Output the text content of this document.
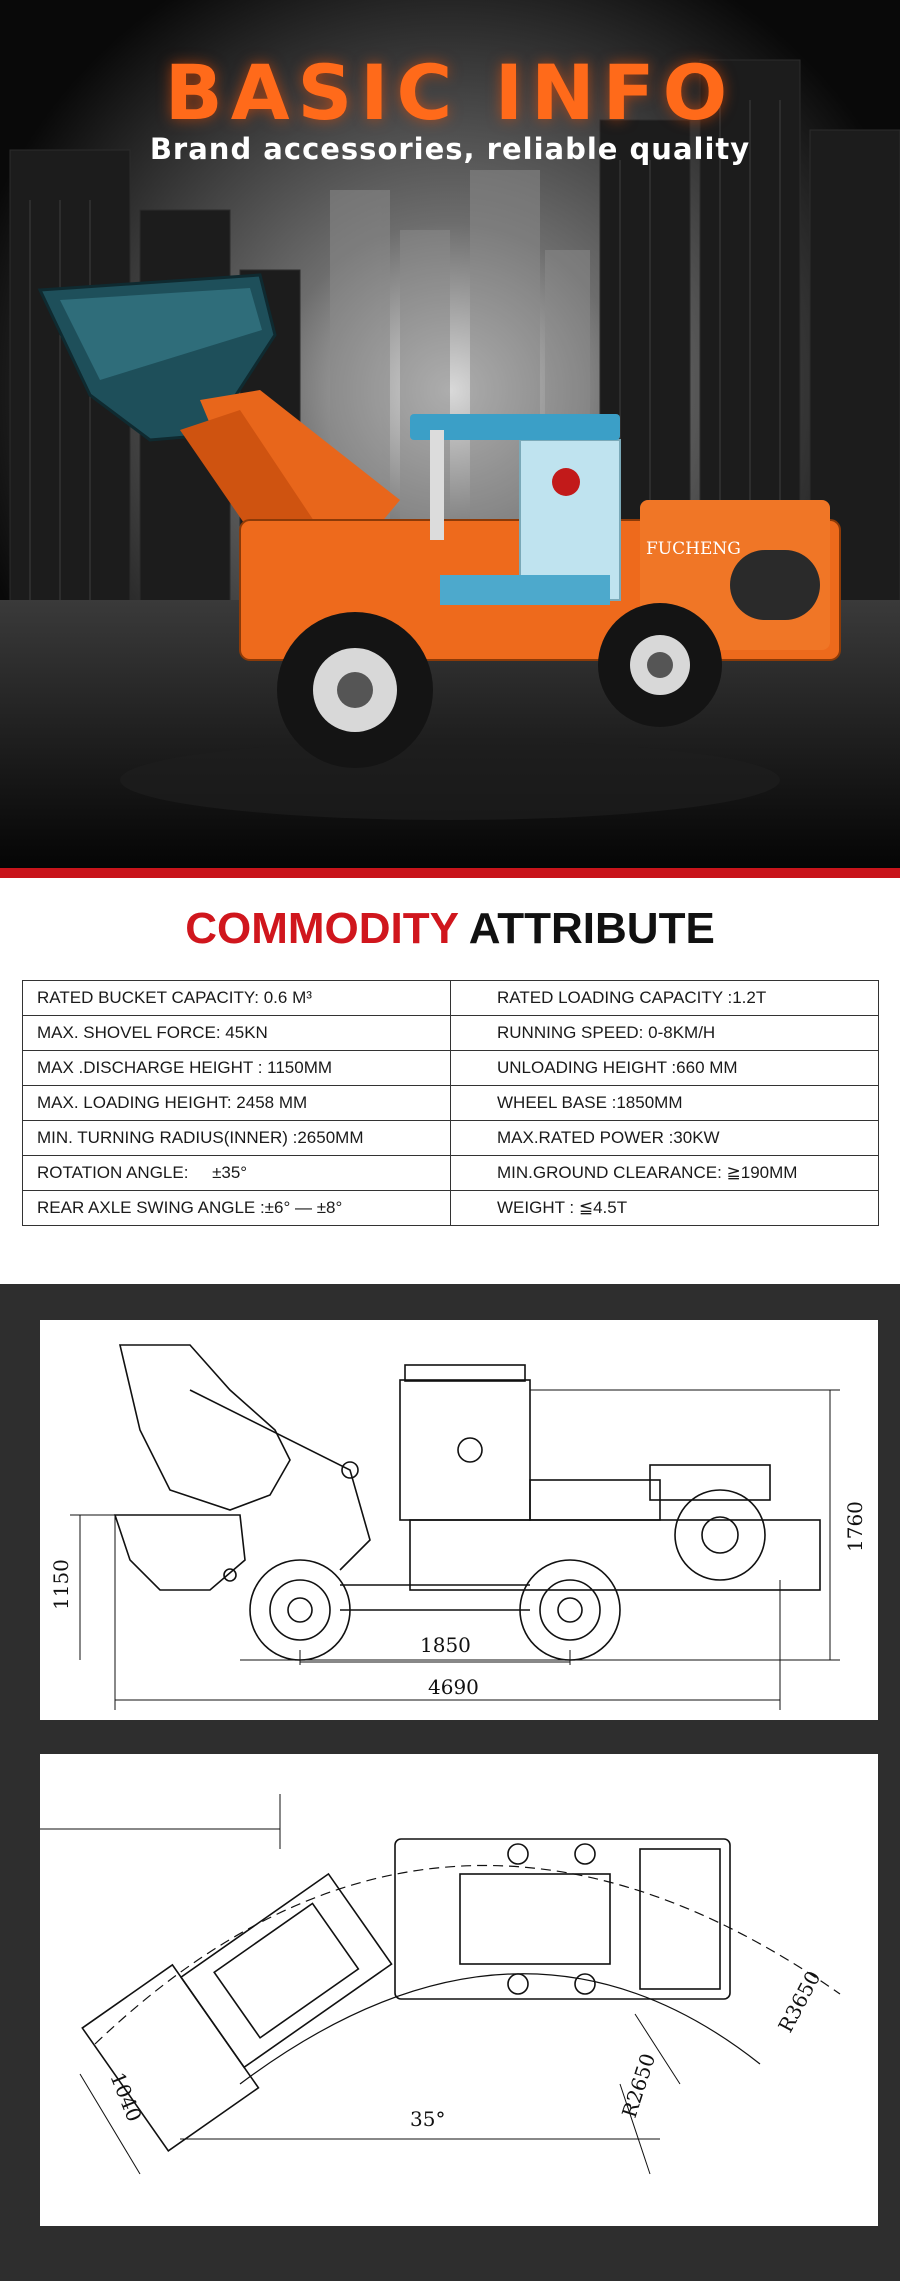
FUCHENG
BASIC INFO

Brand accessories, reliable quality

COMMODITY ATTRIBUTE
RATED BUCKET CAPACITY: 0.6 M³	RATED LOADING CAPACITY :1.2T
MAX. SHOVEL FORCE: 45KN	RUNNING SPEED: 0-8KM/H
MAX .DISCHARGE HEIGHT : 1150MM	UNLOADING HEIGHT :660 MM
MAX. LOADING HEIGHT: 2458 MM	WHEEL BASE :1850MM
MIN. TURNING RADIUS(INNER) :2650MM	MAX.RATED POWER :30KW
ROTATION ANGLE:     ±35°	MIN.GROUND CLEARANCE: ≧190MM
REAR AXLE SWING ANGLE :±6° — ±8°	WEIGHT : ≦4.5T
1150
1760
1850
4690
35°
1040	R2650
R3650
